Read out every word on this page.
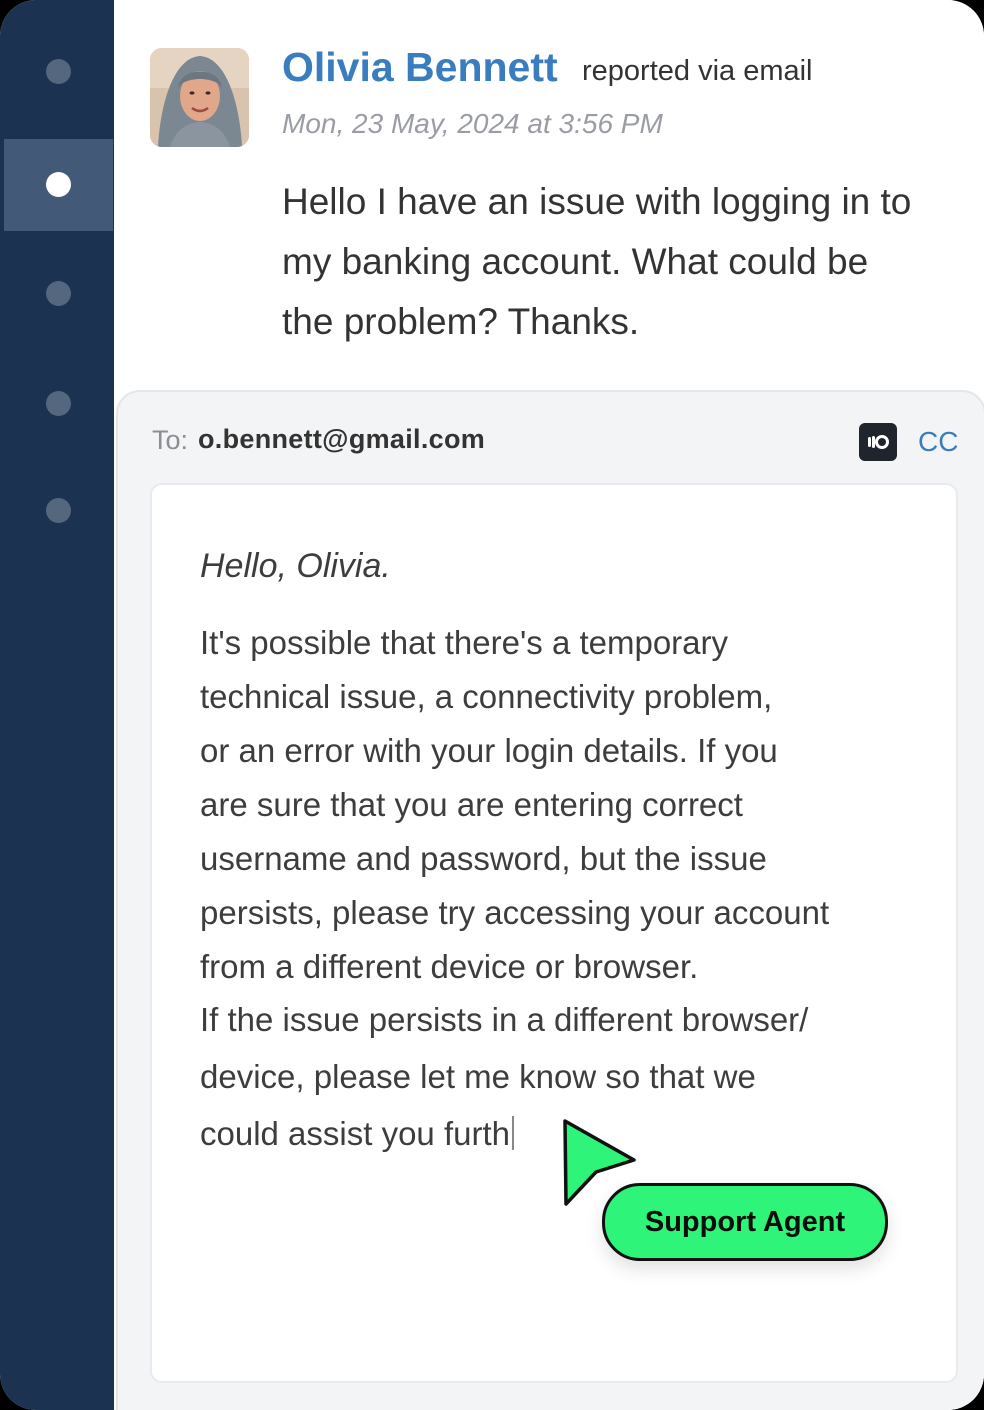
Olivia Bennett reported via email
Mon, 23 May, 2024 at 3:56 PM
Hello I have an issue with logging in to my banking account. What could be the problem? Thanks.
To: o.bennett@gmail.com	CC
Hello, Olivia.
It's possible that there's a temporary
technical issue, a connectivity problem,
or an error with your login details. If you
are sure that you are entering correct
username and password, but the issue
persists, please try accessing your account
from a different device or browser.
If the issue persists in a different browser/
device, please let me know so that we
could assist you furth
Support Agent
